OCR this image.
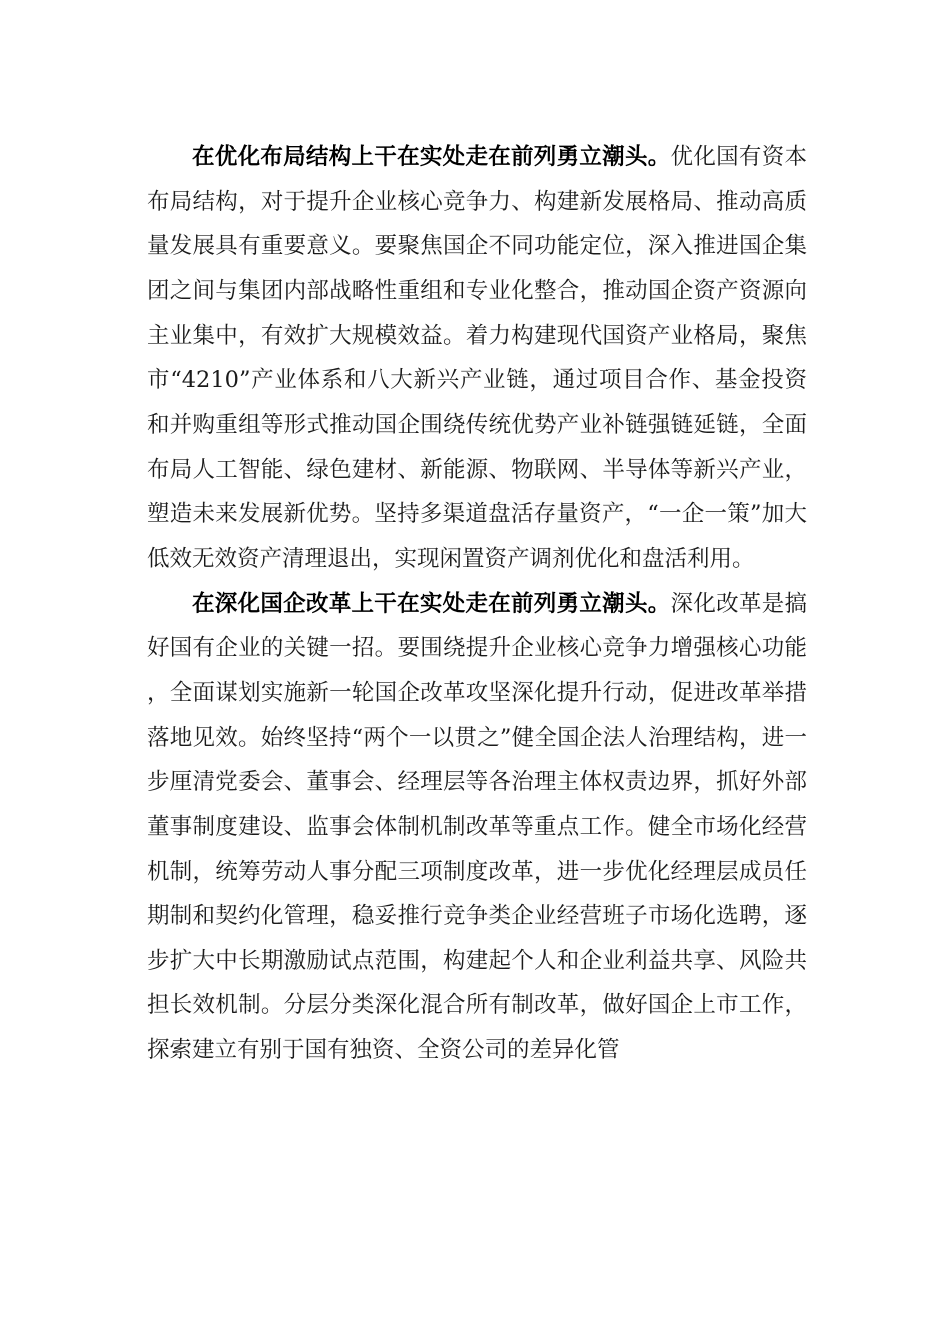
在优化布局结构上干在实处走在前列勇立潮头。优化国有资本布局结构，对于提升企业核心竞争力、构建新发展格局、推动高质量发展具有重要意义。要聚焦国企不同功能定位，深入推进国企集团之间与集团内部战略性重组和专业化整合，推动国企资产资源向主业集中，有效扩大规模效益。着力构建现代国资产业格局，聚焦市“4210”产业体系和八大新兴产业链，通过项目合作、基金投资和并购重组等形式推动国企围绕传统优势产业补链强链延链，全面布局人工智能、绿色建材、新能源、物联网、半导体等新兴产业，塑造未来发展新优势。坚持多渠道盘活存量资产，“一企一策”加大低效无效资产清理退出，实现闲置资产调剂优化和盘活利用。

在深化国企改革上干在实处走在前列勇立潮头。深化改革是搞好国有企业的关键一招。要围绕提升企业核心竞争力增强核心功能，全面谋划实施新一轮国企改革攻坚深化提升行动，促进改革举措落地见效。始终坚持“两个一以贯之”健全国企法人治理结构，进一步厘清党委会、董事会、经理层等各治理主体权责边界，抓好外部董事制度建设、监事会体制机制改革等重点工作。健全市场化经营机制，统筹劳动人事分配三项制度改革，进一步优化经理层成员任期制和契约化管理，稳妥推行竞争类企业经营班子市场化选聘，逐步扩大中长期激励试点范围，构建起个人和企业利益共享、风险共担长效机制。分层分类深化混合所有制改革，做好国企上市工作，探索建立有别于国有独资、全资公司的差异化管
